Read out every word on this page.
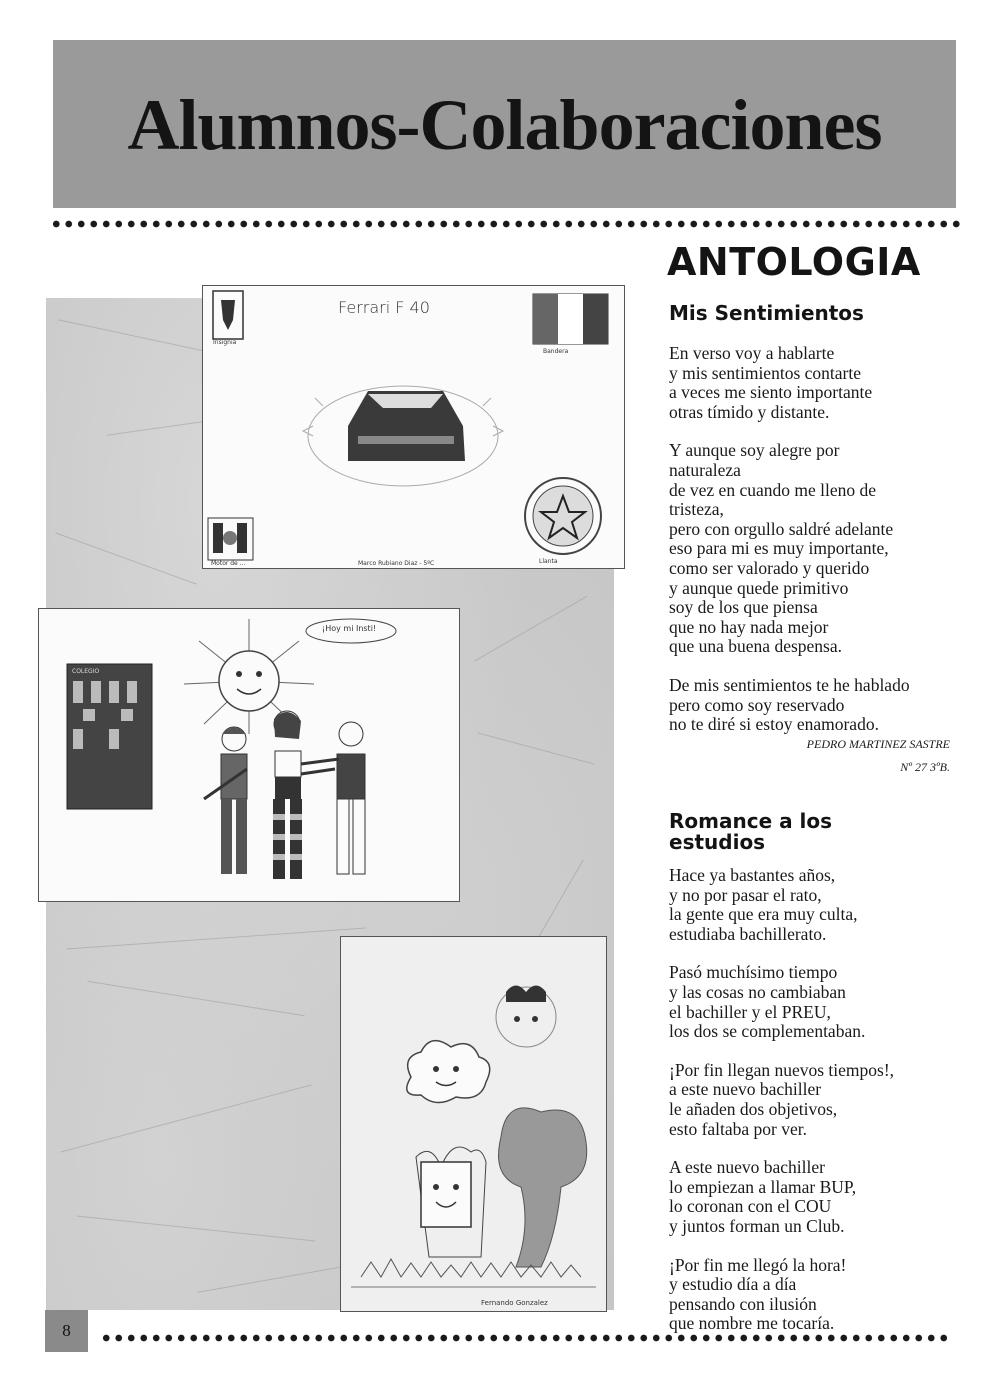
Alumnos-Colaboraciones
ANTOLOGIA
Mis Sentimientos
En verso voy a hablarte
y mis sentimientos contarte
a veces me siento importante
otras tímido y distante.
Y aunque soy alegre por
naturaleza
de vez en cuando me lleno de
tristeza,
pero con orgullo saldré adelante
eso para mi es muy importante,
como ser valorado y querido
y aunque quede primitivo
soy de los que piensa
que no hay nada mejor
que una buena despensa.
De mis sentimientos te he hablado
pero como soy reservado
no te diré si estoy enamorado.
PEDRO MARTINEZ SASTRE
Nº 27 3ºB.
Romance a los
estudios
Hace ya bastantes años,
y no por pasar el rato,
la gente que era muy culta,
estudiaba bachillerato.
Pasó muchísimo tiempo
y las cosas no cambiaban
el bachiller y el PREU,
los dos se complementaban.
¡Por fin llegan nuevos tiempos!,
a este nuevo bachiller
le añaden dos objetivos,
esto faltaba por ver.
A este nuevo bachiller
lo empiezan a llamar BUP,
lo coronan con el COU
y juntos forman un Club.
¡Por fin me llegó la hora!
y estudio día a día
pensando con ilusión
que nombre me tocaría.
Ferrari F 40
Insignia
Bandera
Llanta
Motor de ...	Marco Rubiano Diaz - 5ºC
¡Hoy mi Insti!
COLEGIO
Fernando Gonzalez
8
